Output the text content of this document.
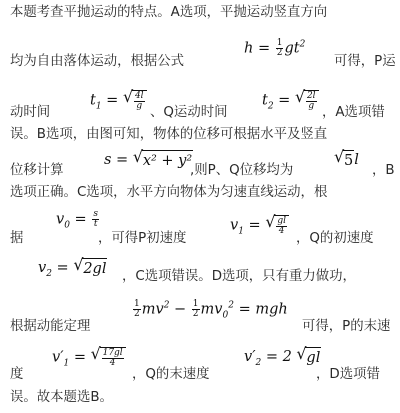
本题考查平抛运动的特点。A选项，平抛运动竖直方向
均为自由落体运动，根据公式
$h = \frac{1}{2} gt^2$
可得，P运
动时间
$t_1$ = √ $\frac{4l}{g}$
、Q运动时间
$t_2$ = √ $\frac{2l}{g}$
，A选项错
误。B选项，由图可知，物体的位移可根据水平及竖直
位移计算
s = √ x² + y²
,则P、Q位移均为
√ 5l
，B
选项正确。C选项，水平方向物体为匀速直线运动，根
据
$v_0 = \frac{s}{t}$
，可得P初速度
$v_1$ = √ $\frac{gl}{4}$
，Q的初速度
$v_2$ = √ 2gl ，C选项错误。D选项，只有重力做功，
根据动能定理
$\frac{1}{2} mv^2 - \frac{1}{2} mv_0^2$ = mgh
可得，P的末速
度
$v'_1$ = √ $\frac{17gl}{4}$
，Q的末速度
$v'_2 = 2$ √ gl
，D选项错
误。故本题选B。
